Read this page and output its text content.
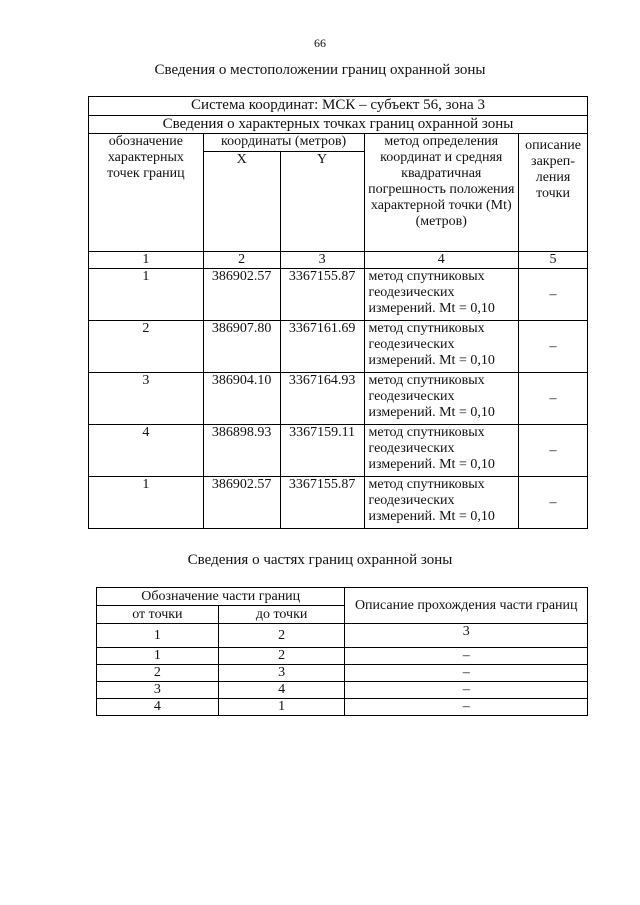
66
Сведения о местоположении границ охранной зоны
Система координат: МСК – субъект 56, зона 3				
Сведения о характерных точках границ охранной зоны				
обозначение характерных точек границ	координаты (метров)		метод определения координат и средняя квадратичная погрешность положения характерной точки (Mt) (метров)	описание закреп-ления точки
	X	Y		
1	2	3	4	5
1	386902.57	3367155.87	метод спутниковых геодезических измерений. Mt = 0,10	–
2	386907.80	3367161.69	метод спутниковых геодезических измерений. Mt = 0,10	–
3	386904.10	3367164.93	метод спутниковых геодезических измерений. Mt = 0,10	–
4	386898.93	3367159.11	метод спутниковых геодезических измерений. Mt = 0,10	–
1	386902.57	3367155.87	метод спутниковых геодезических измерений. Mt = 0,10	–
Сведения о частях границ охранной зоны
Обозначение части границ		Описание прохождения части границ
от точки	до точки	
1	2	3
1	2	–
2	3	–
3	4	–
4	1	–
